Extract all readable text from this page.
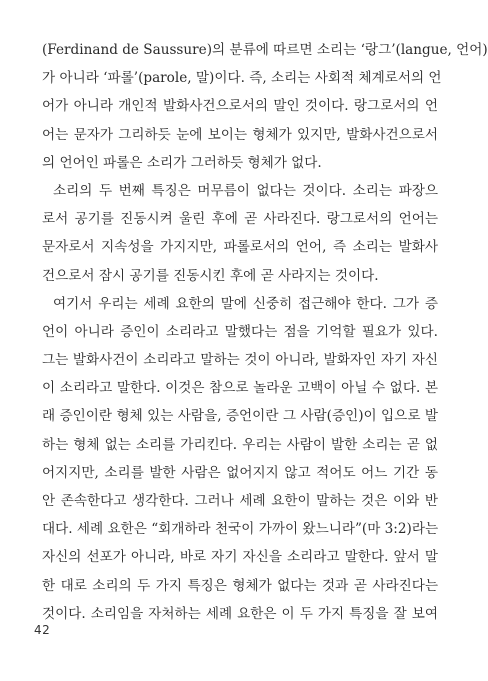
(Ferdinand de Saussure)의 분류에 따르면 소리는 ‘랑그’(langue, 언어)
가 아니라 ‘파롤’(parole, 말)이다. 즉, 소리는 사회적 체계로서의 언
어가 아니라 개인적 발화사건으로서의 말인 것이다. 랑그로서의 언
어는 문자가 그리하듯 눈에 보이는 형체가 있지만, 발화사건으로서
의 언어인 파롤은 소리가 그러하듯 형체가 없다.
소리의 두 번째 특징은 머무름이 없다는 것이다. 소리는 파장으
로서 공기를 진동시켜 울린 후에 곧 사라진다. 랑그로서의 언어는
문자로서 지속성을 가지지만, 파롤로서의 언어, 즉 소리는 발화사
건으로서 잠시 공기를 진동시킨 후에 곧 사라지는 것이다.
여기서 우리는 세례 요한의 말에 신중히 접근해야 한다. 그가 증
언이 아니라 증인이 소리라고 말했다는 점을 기억할 필요가 있다.
그는 발화사건이 소리라고 말하는 것이 아니라, 발화자인 자기 자신
이 소리라고 말한다. 이것은 참으로 놀라운 고백이 아닐 수 없다. 본
래 증인이란 형체 있는 사람을, 증언이란 그 사람(증인)이 입으로 발
하는 형체 없는 소리를 가리킨다. 우리는 사람이 발한 소리는 곧 없
어지지만, 소리를 발한 사람은 없어지지 않고 적어도 어느 기간 동
안 존속한다고 생각한다. 그러나 세례 요한이 말하는 것은 이와 반
대다. 세례 요한은 “회개하라 천국이 가까이 왔느니라”(마 3:2)라는
자신의 선포가 아니라, 바로 자기 자신을 소리라고 말한다. 앞서 말
한 대로 소리의 두 가지 특징은 형체가 없다는 것과 곧 사라진다는
것이다. 소리임을 자처하는 세례 요한은 이 두 가지 특징을 잘 보여
42
